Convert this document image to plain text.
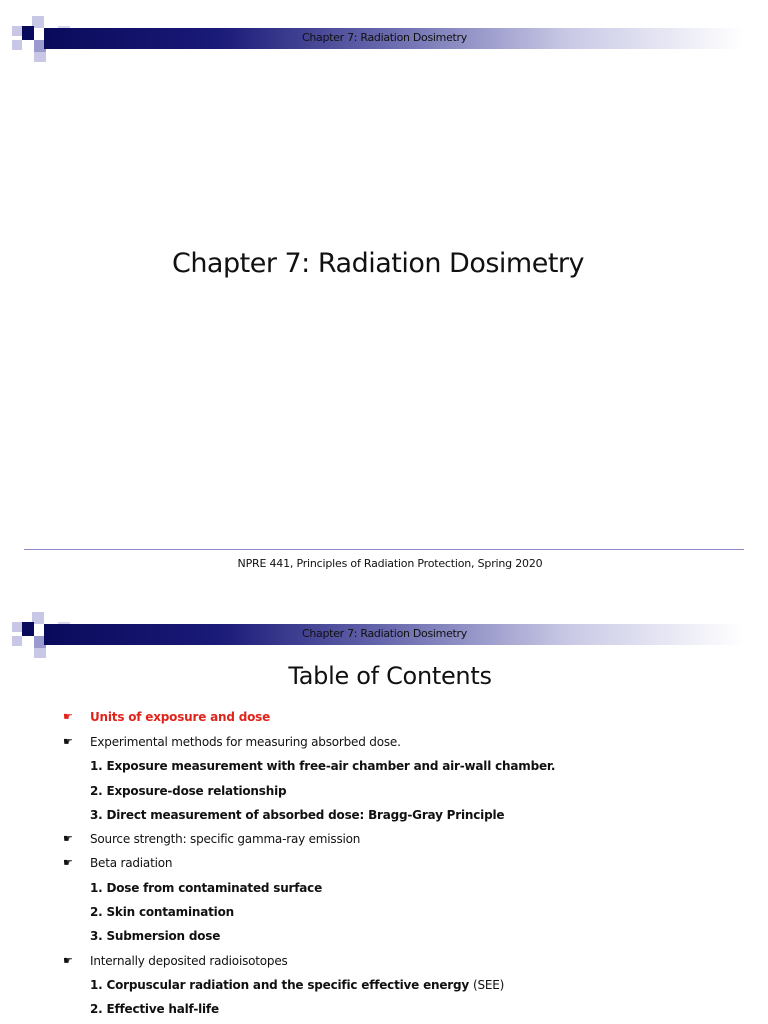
Chapter 7: Radiation Dosimetry
Chapter 7: Radiation Dosimetry
NPRE 441, Principles of Radiation Protection, Spring 2020
Chapter 7: Radiation Dosimetry
Table of Contents
☛ Units of exposure and dose
☛ Experimental methods for measuring absorbed dose.
1. Exposure measurement with free-air chamber and air-wall chamber.
2. Exposure-dose relationship
3. Direct measurement of absorbed dose: Bragg-Gray Principle
☛ Source strength: specific gamma-ray emission
☛ Beta radiation
1. Dose from contaminated surface
2. Skin contamination
3. Submersion dose
☛ Internally deposited radioisotopes
1. Corpuscular radiation and the specific effective energy (SEE)
2. Effective half-life
